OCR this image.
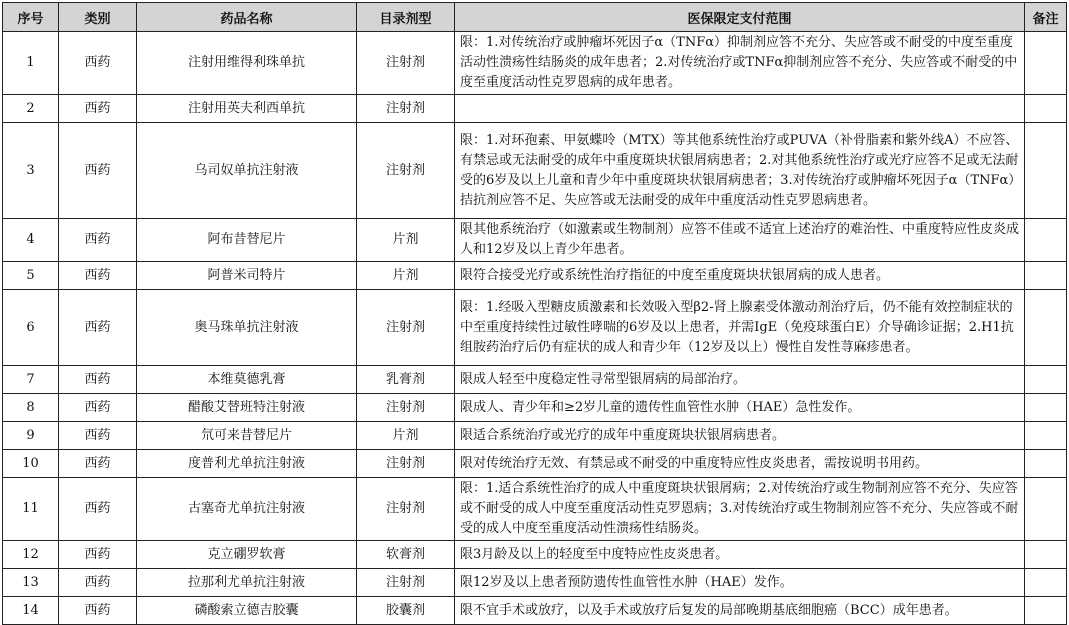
序号	类别	药品名称	目录剂型	医保限定支付范围	备注
1	西药	注射用维得利珠单抗	注射剂	限：1.对传统治疗或肿瘤坏死因子α（TNFα）抑制剂应答不充分、失应答或不耐受的中度至重度活动性溃疡性结肠炎的成年患者；2.对传统治疗或TNFα抑制剂应答不充分、失应答或不耐受的中度至重度活动性克罗恩病的成年患者。	
2	西药	注射用英夫利西单抗	注射剂		
3	西药	乌司奴单抗注射液	注射剂	限：1.对环孢素、甲氨蝶呤（MTX）等其他系统性治疗或PUVA（补骨脂素和紫外线A）不应答、有禁忌或无法耐受的成年中重度斑块状银屑病患者；2.对其他系统性治疗或光疗应答不足或无法耐受的6岁及以上儿童和青少年中重度斑块状银屑病患者；3.对传统治疗或肿瘤坏死因子α（TNFα）拮抗剂应答不足、失应答或无法耐受的成年中重度活动性克罗恩病患者。	
4	西药	阿布昔替尼片	片剂	限其他系统治疗（如激素或生物制剂）应答不佳或不适宜上述治疗的难治性、中重度特应性皮炎成人和12岁及以上青少年患者。	
5	西药	阿普米司特片	片剂	限符合接受光疗或系统性治疗指征的中度至重度斑块状银屑病的成人患者。	
6	西药	奥马珠单抗注射液	注射剂	限：1.经吸入型糖皮质激素和长效吸入型β2-肾上腺素受体激动剂治疗后，仍不能有效控制症状的中至重度持续性过敏性哮喘的6岁及以上患者，并需IgE（免疫球蛋白E）介导确诊证据；2.H1抗组胺药治疗后仍有症状的成人和青少年（12岁及以上）慢性自发性荨麻疹患者。	
7	西药	本维莫德乳膏	乳膏剂	限成人轻至中度稳定性寻常型银屑病的局部治疗。	
8	西药	醋酸艾替班特注射液	注射剂	限成人、青少年和≥2岁儿童的遗传性血管性水肿（HAE）急性发作。	
9	西药	氘可来昔替尼片	片剂	限适合系统治疗或光疗的成年中重度斑块状银屑病患者。	
10	西药	度普利尤单抗注射液	注射剂	限对传统治疗无效、有禁忌或不耐受的中重度特应性皮炎患者，需按说明书用药。	
11	西药	古塞奇尤单抗注射液	注射剂	限：1.适合系统性治疗的成人中重度斑块状银屑病；2.对传统治疗或生物制剂应答不充分、失应答或不耐受的成人中度至重度活动性克罗恩病；3.对传统治疗或生物制剂应答不充分、失应答或不耐受的成人中度至重度活动性溃疡性结肠炎。	
12	西药	克立硼罗软膏	软膏剂	限3月龄及以上的轻度至中度特应性皮炎患者。	
13	西药	拉那利尤单抗注射液	注射剂	限12岁及以上患者预防遗传性血管性水肿（HAE）发作。	
14	西药	磷酸索立德吉胶囊	胶囊剂	限不宜手术或放疗，以及手术或放疗后复发的局部晚期基底细胞癌（BCC）成年患者。	
